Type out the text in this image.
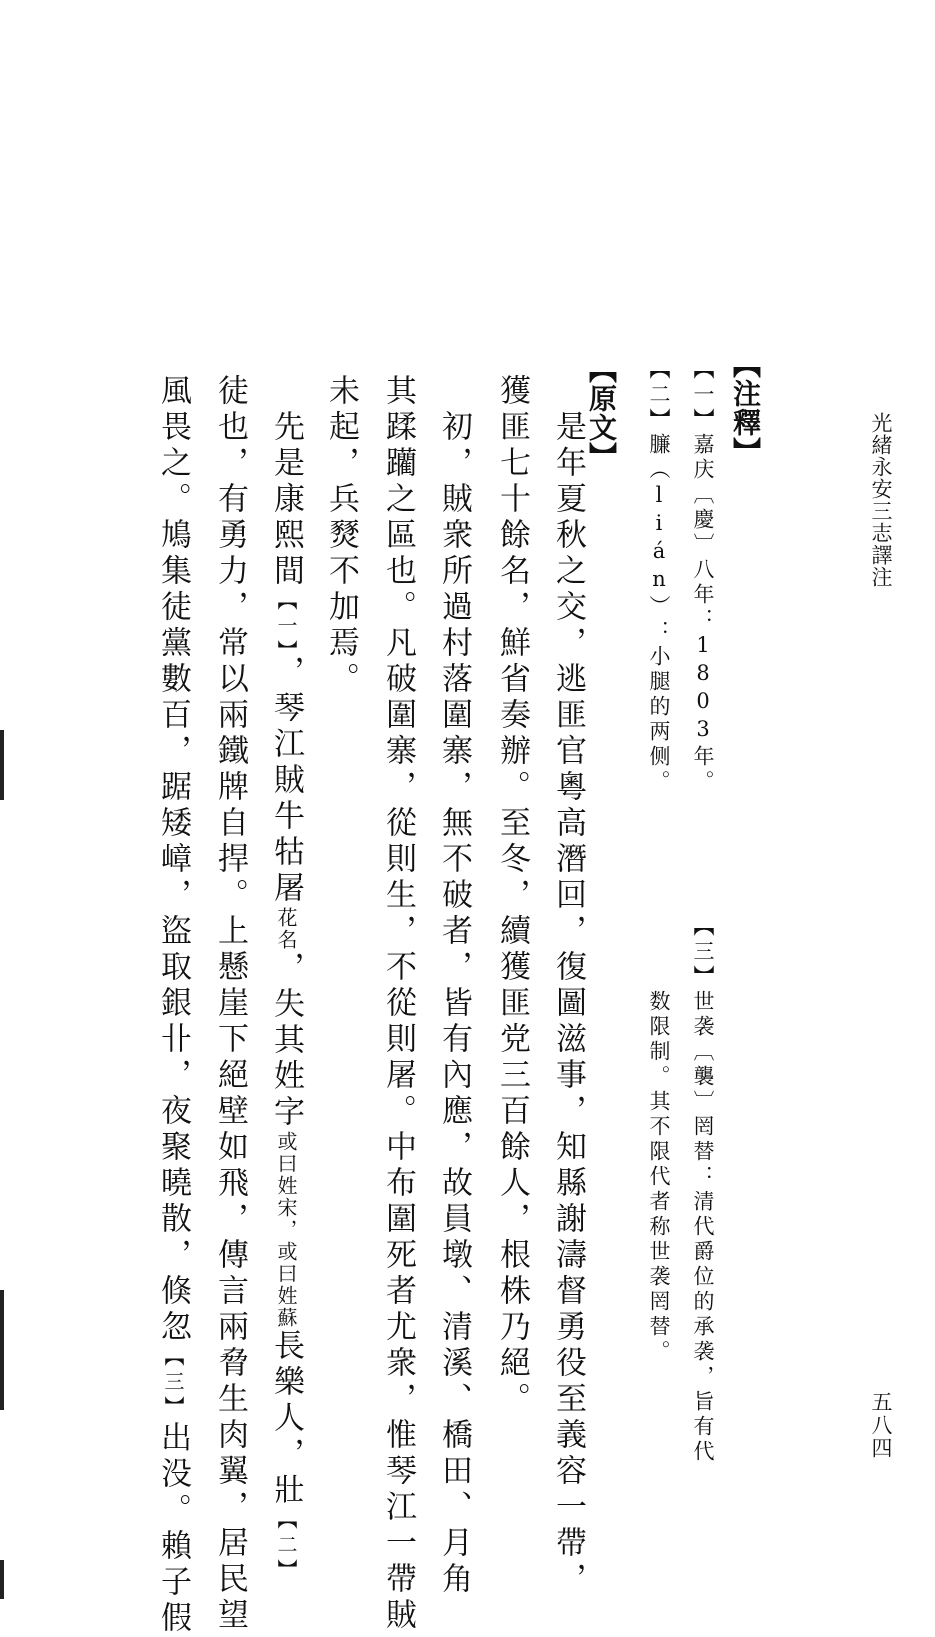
光緒永安三志譯注
五八四
【注釋】
【一】嘉庆〔慶〕八年：1803年。
【二】臁（lián）：小腿的两侧。
【三】世袭〔襲〕罔替：清代爵位的承袭，旨有代
数限制。其不限代者称世袭罔替。
【原文】
是年夏秋之交，逃匪官粵高潛回，復圖滋事，知縣謝濤督勇役至義容一帶，
獲匪七十餘名，鮮省奏辦。至冬，續獲匪党三百餘人，根株乃絕。
初，賊衆所過村落圍寨，無不破者，皆有內應，故員墩、清溪、橋田、月角
其蹂躪之區也。凡破圍寨，從則生，不從則屠。中布圍死者尤衆，惟琴江一帶賊
未起，兵燹不加焉。
先是康熙間【一】，琴江賊牛牯屠花名，失其姓字或曰姓宋，或曰姓蘇長樂人，壯【二】
徒也，有勇力，常以兩鐵牌自捍。上懸崖下絕壁如飛，傳言兩脅生肉翼，居民望
風畏之。鳩集徒黨數百，踞矮嶂，盜取銀卝，夜聚曉散，倏忽【三】出没。賴子假
